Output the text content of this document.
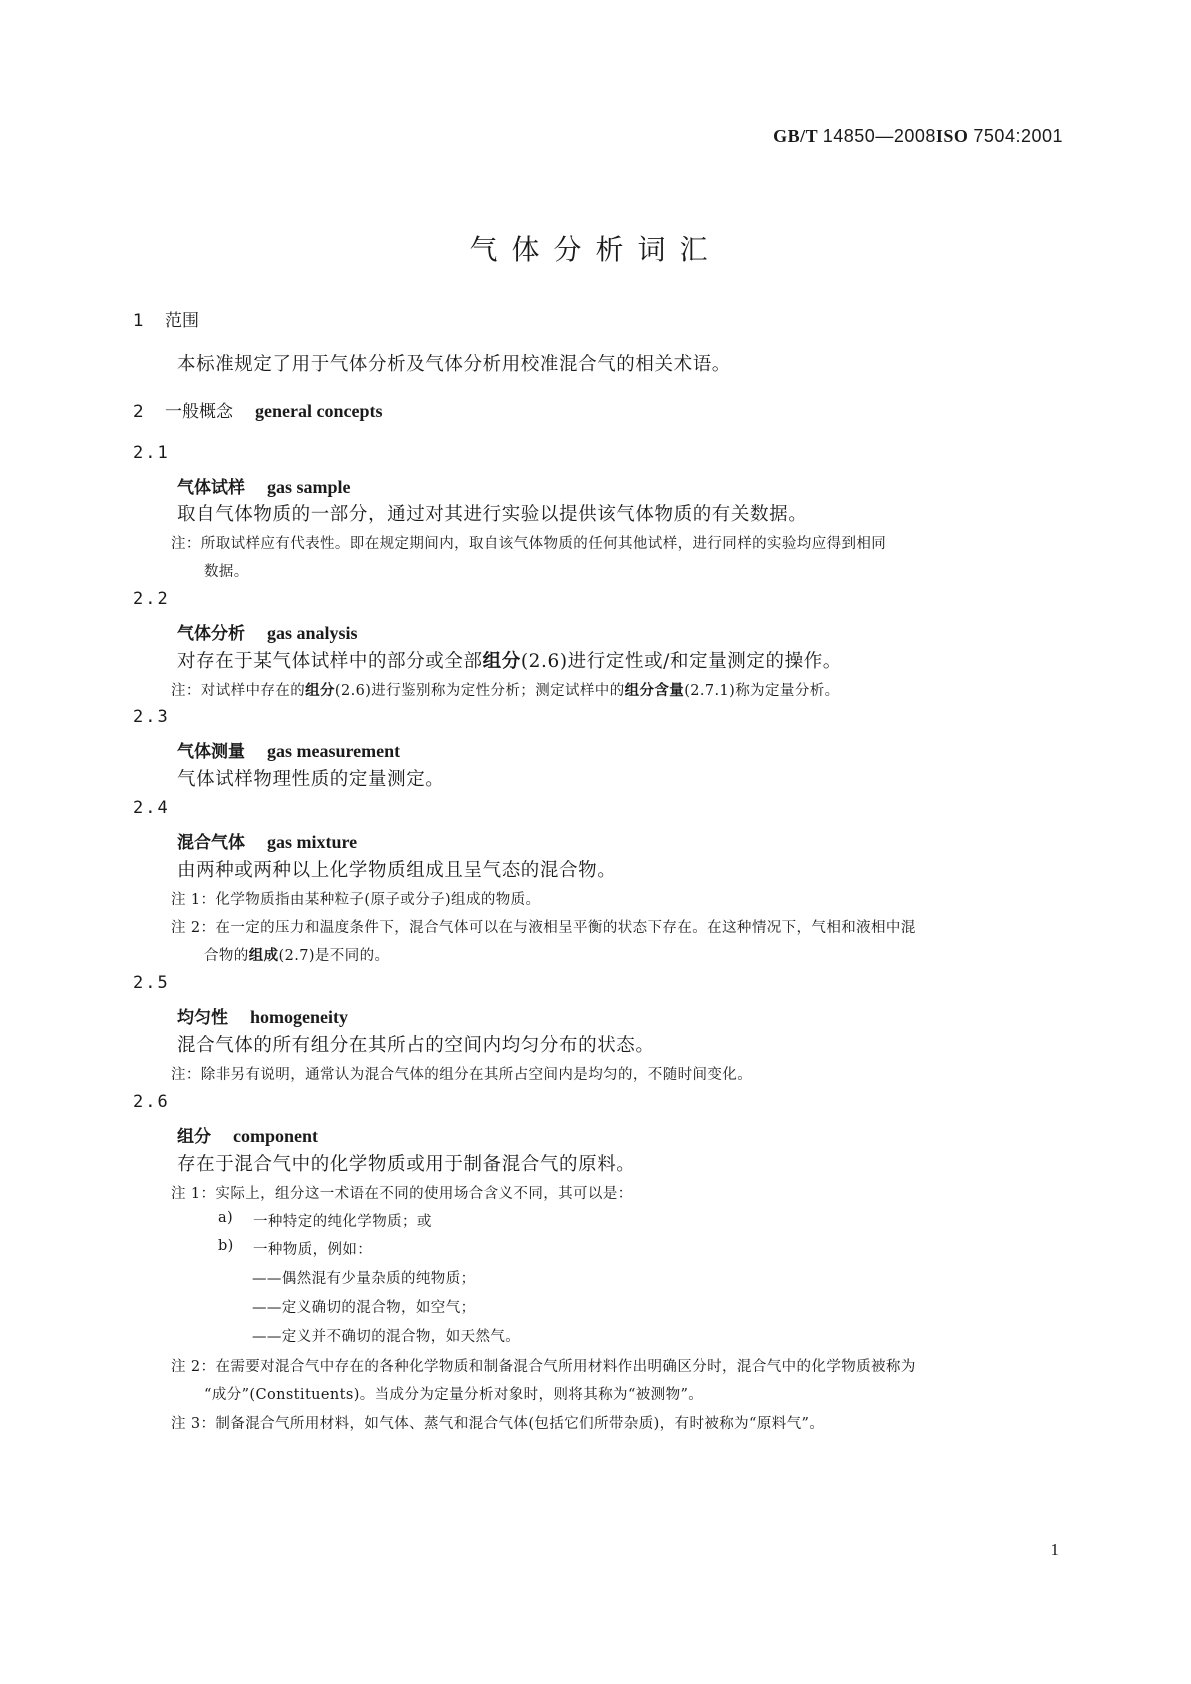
GB/T 14850—2008ISO 7504:2001
气体分析词汇
1 范围
本标准规定了用于气体分析及气体分析用校准混合气的相关术语。
2 一般概念 general concepts
2.1
气体试样 gas sample
取自气体物质的一部分，通过对其进行实验以提供该气体物质的有关数据。
注：所取试样应有代表性。即在规定期间内，取自该气体物质的任何其他试样，进行同样的实验均应得到相同
数据。
2.2
气体分析 gas analysis
对存在于某气体试样中的部分或全部组分(2.6)进行定性或/和定量测定的操作。
注：对试样中存在的组分(2.6)进行鉴别称为定性分析；测定试样中的组分含量(2.7.1)称为定量分析。
2.3
气体测量 gas measurement
气体试样物理性质的定量测定。
2.4
混合气体 gas mixture
由两种或两种以上化学物质组成且呈气态的混合物。
注 1：化学物质指由某种粒子(原子或分子)组成的物质。
注 2：在一定的压力和温度条件下，混合气体可以在与液相呈平衡的状态下存在。在这种情况下，气相和液相中混
合物的组成(2.7)是不同的。
2.5
均匀性 homogeneity
混合气体的所有组分在其所占的空间内均匀分布的状态。
注：除非另有说明，通常认为混合气体的组分在其所占空间内是均匀的，不随时间变化。
2.6
组分 component
存在于混合气中的化学物质或用于制备混合气的原料。
注 1：实际上，组分这一术语在不同的使用场合含义不同，其可以是：
a) 一种特定的纯化学物质；或
b) 一种物质，例如：
——偶然混有少量杂质的纯物质；
——定义确切的混合物，如空气；
——定义并不确切的混合物，如天然气。
注 2：在需要对混合气中存在的各种化学物质和制备混合气所用材料作出明确区分时，混合气中的化学物质被称为
“成分”(Constituents)。当成分为定量分析对象时，则将其称为“被测物”。
注 3：制备混合气所用材料，如气体、蒸气和混合气体(包括它们所带杂质)，有时被称为“原料气”。
1
